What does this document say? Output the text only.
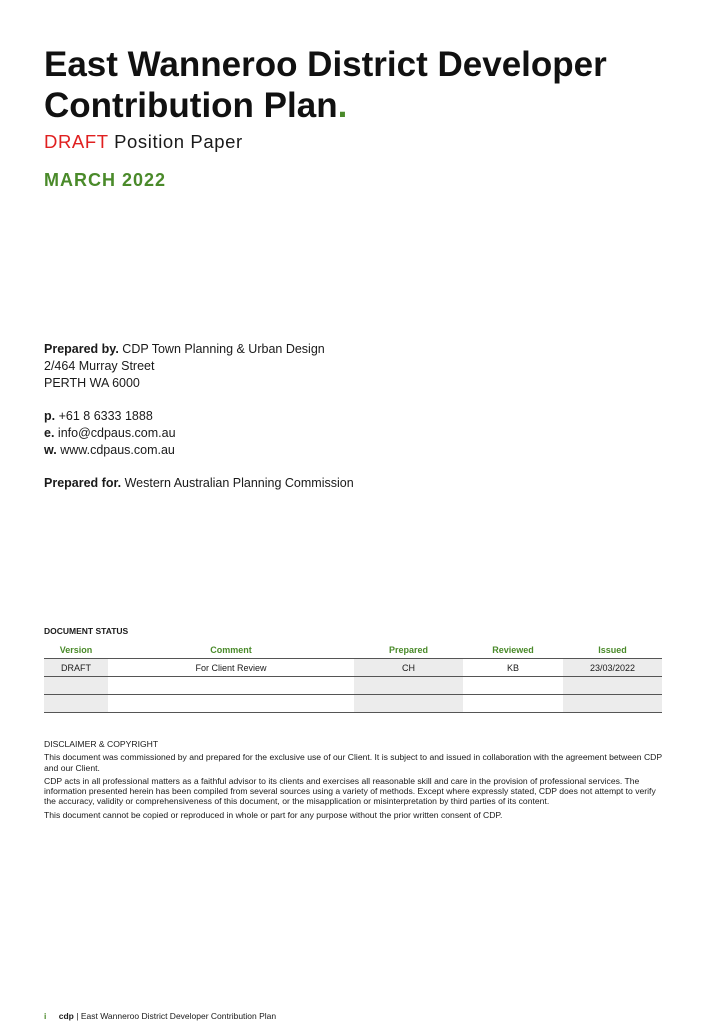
East Wanneroo District Developer Contribution Plan.

DRAFT Position Paper

MARCH 2022

Prepared by. CDP Town Planning & Urban Design
2/464 Murray Street
PERTH WA 6000
p. +61 8 6333 1888
e. info@cdpaus.com.au
w. www.cdpaus.com.au
Prepared for. Western Australian Planning Commission

DOCUMENT STATUS

Version	Comment	Prepared	Reviewed	Issued
DRAFT	For Client Review	CH	KB	23/03/2022

DISCLAIMER & COPYRIGHT

This document was commissioned by and prepared for the exclusive use of our Client. It is subject to and issued in collaboration with the agreement between CDP and our Client.

CDP acts in all professional matters as a faithful advisor to its clients and exercises all reasonable skill and care in the provision of professional services. The information presented herein has been compiled from several sources using a variety of methods. Except where expressly stated, CDP does not attempt to verify the accuracy, validity or comprehensiveness of this document, or the misapplication or misinterpretation by third parties of its content.

This document cannot be copied or reproduced in whole or part for any purpose without the prior written consent of CDP.

i cdp | East Wanneroo District Developer Contribution Plan
